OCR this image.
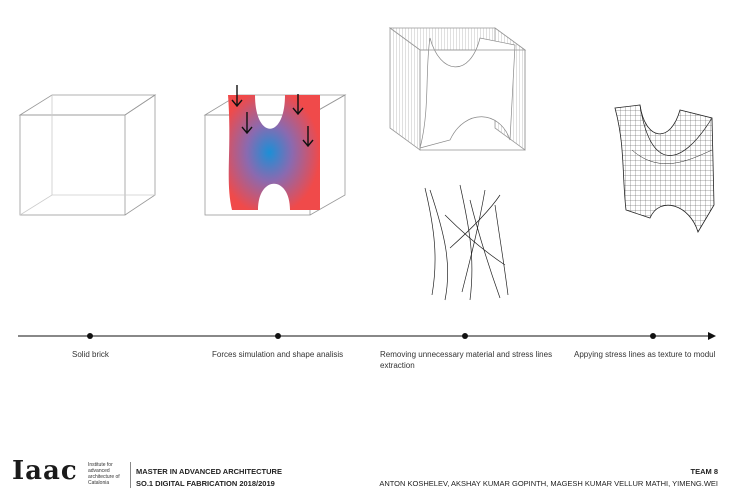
Solid brick	Forces simulation and shape analisis	Removing unnecessary material and stress lines
extraction
Appying stress lines as texture to modul
Iaac Institute for advanced architecture of Catalonia
MASTER IN ADVANCED ARCHITECTURE
SO.1 DIGITAL FABRICATION 2018/2019
TEAM 8
ANTON KOSHELEV, AKSHAY KUMAR GOPINTH, MAGESH KUMAR VELLUR MATHI, YIMENG.WEI
